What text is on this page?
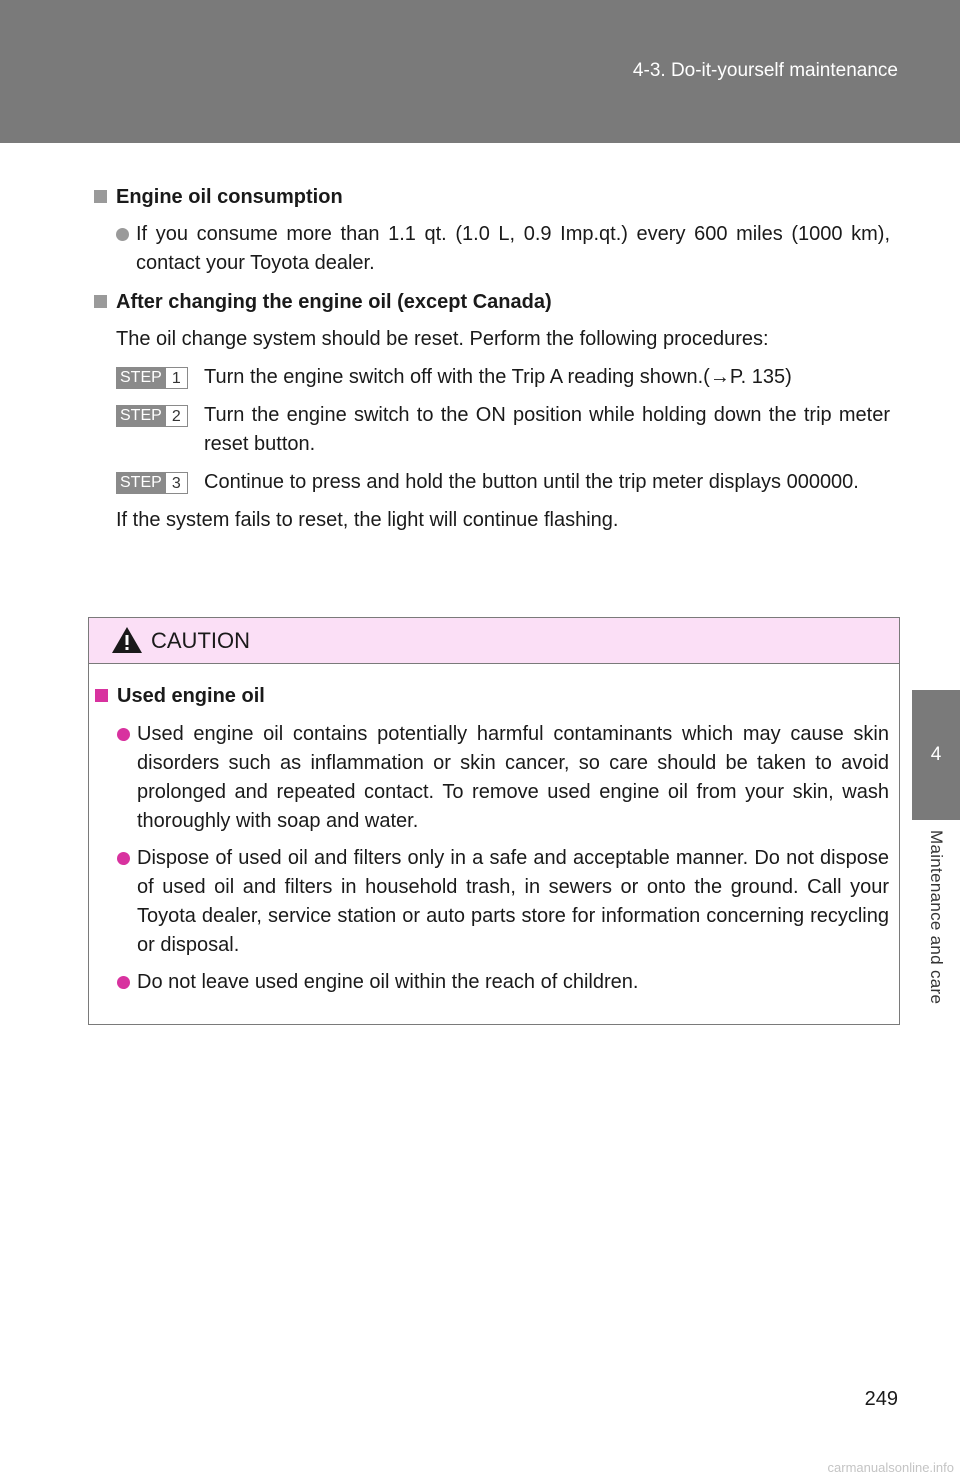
4-3. Do-it-yourself maintenance
4
Maintenance and care
Engine oil consumption
If you consume more than 1.1 qt. (1.0 L, 0.9 Imp.qt.) every 600 miles (1000 km), contact your Toyota dealer.
After changing the engine oil (except Canada)
The oil change system should be reset. Perform the following procedures:
STEP 1	Turn the engine switch off with the Trip A reading shown.(→P. 135)
STEP 2	Turn the engine switch to the ON position while holding down the trip meter reset button.
STEP 3	Continue to press and hold the button until the trip meter displays 000000.
If the system fails to reset, the light will continue flashing.
CAUTION
Used engine oil
Used engine oil contains potentially harmful contaminants which may cause skin disorders such as inflammation or skin cancer, so care should be taken to avoid prolonged and repeated contact. To remove used engine oil from your skin, wash thoroughly with soap and water.
Dispose of used oil and filters only in a safe and acceptable manner. Do not dispose of used oil and filters in household trash, in sewers or onto the ground. Call your Toyota dealer, service station or auto parts store for information concerning recycling or disposal.
Do not leave used engine oil within the reach of children.
249
carmanualsonline.info
